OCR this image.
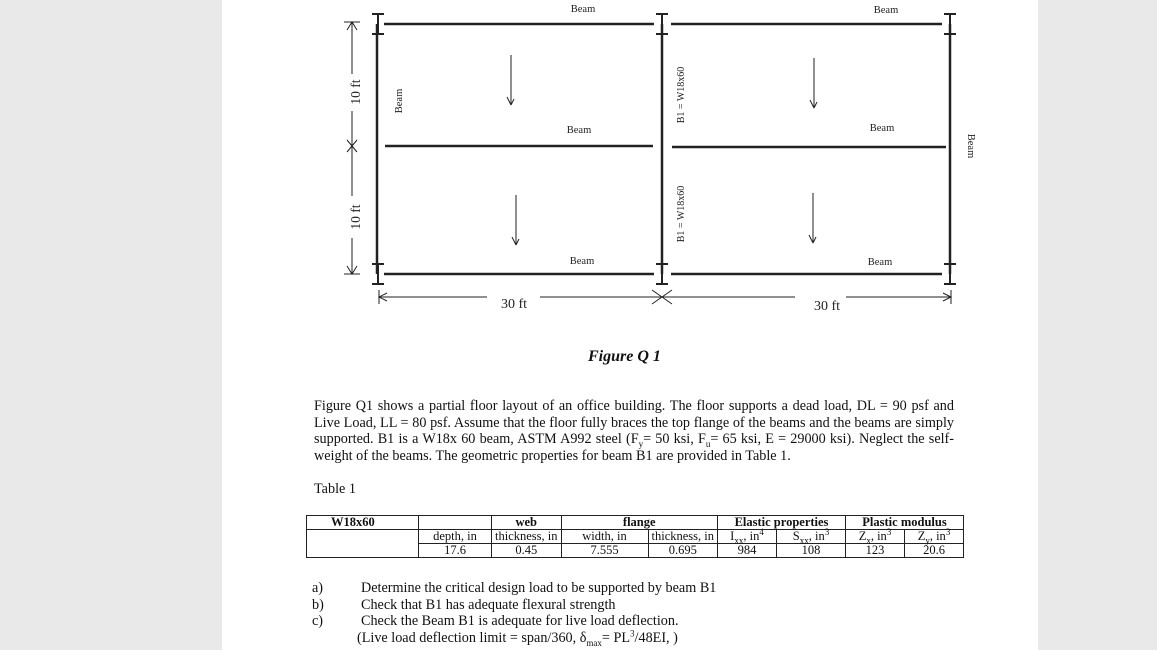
Beam	Beam
Beam	Beam
Beam	Beam
Beam
Beam
B1 = W18x60
B1 = W18x60
10 ft
10 ft
30 ft	30 ft
Figure Q 1
Figure Q1 shows a partial floor layout of an office building. The floor supports a dead load, DL = 90 psf and Live Load, LL = 80 psf. Assume that the floor fully braces the top flange of the beams and the beams are simply supported. B1 is a W18x 60 beam, ASTM A992 steel ($F_y= 50$ ksi, $F_u= 65$ ksi, E = 29000 ksi). Neglect the self-weight of the beams. The geometric properties for beam B1 are provided in Table 1.
Table 1
W18x60		web	flange		Elastic properties		Plastic modulus	
	depth, in	thickness, in	width, in	thickness, in	$I_{xx}$, $in^4$	$S_{xx}$, $in^3$	$Z_x$, $in^3$	$Z_y$, $in^3$
	17.6	0.45	7.555	0.695	984	108	123	20.6
a)	Determine the critical design load to be supported by beam B1
b)	Check that B1 has adequate flexural strength
c)	Check the Beam B1 is adequate for live load deflection.
(Live load deflection limit = span/360, $\delta_{max}= PL^3/48EI$, )
